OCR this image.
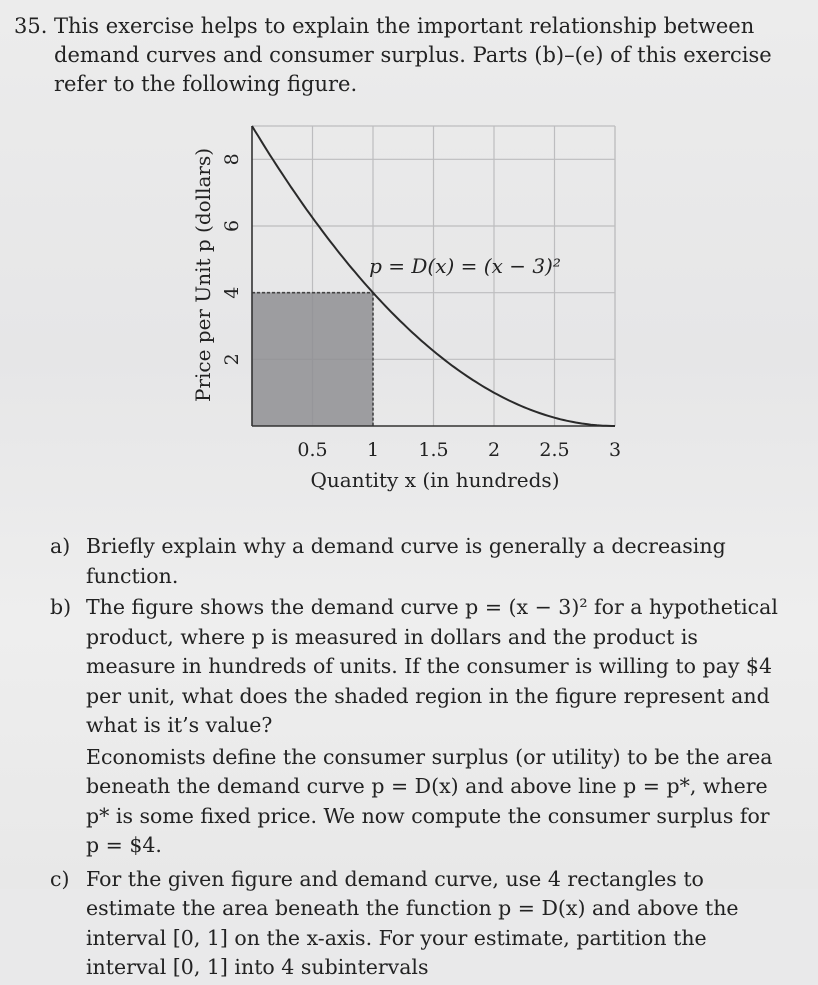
35. This exercise helps to explain the important relationship between demand curves and consumer surplus. Parts (b)–(e) of this exercise refer to the following figure.
0.5 1 1.5 2 2.5 3
2
4
6
8
p = D(x) = (x − 3)²
Quantity x (in hundreds)
Price per Unit p (dollars)
a) Briefly explain why a demand curve is generally a decreasing function.
b) The figure shows the demand curve p = (x − 3)² for a hypothetical product, where p is measured in dollars and the product is measure in hundreds of units. If the consumer is willing to pay $4 per unit, what does the shaded region in the figure represent and what is it’s value?
Economists define the consumer surplus (or utility) to be the area beneath the demand curve p = D(x) and above line p = p*, where p* is some fixed price. We now compute the consumer surplus for p = $4.
c) For the given figure and demand curve, use 4 rectangles to estimate the area beneath the function p = D(x) and above the interval [0, 1] on the x-axis. For your estimate, partition the interval [0, 1] into 4 subintervals
